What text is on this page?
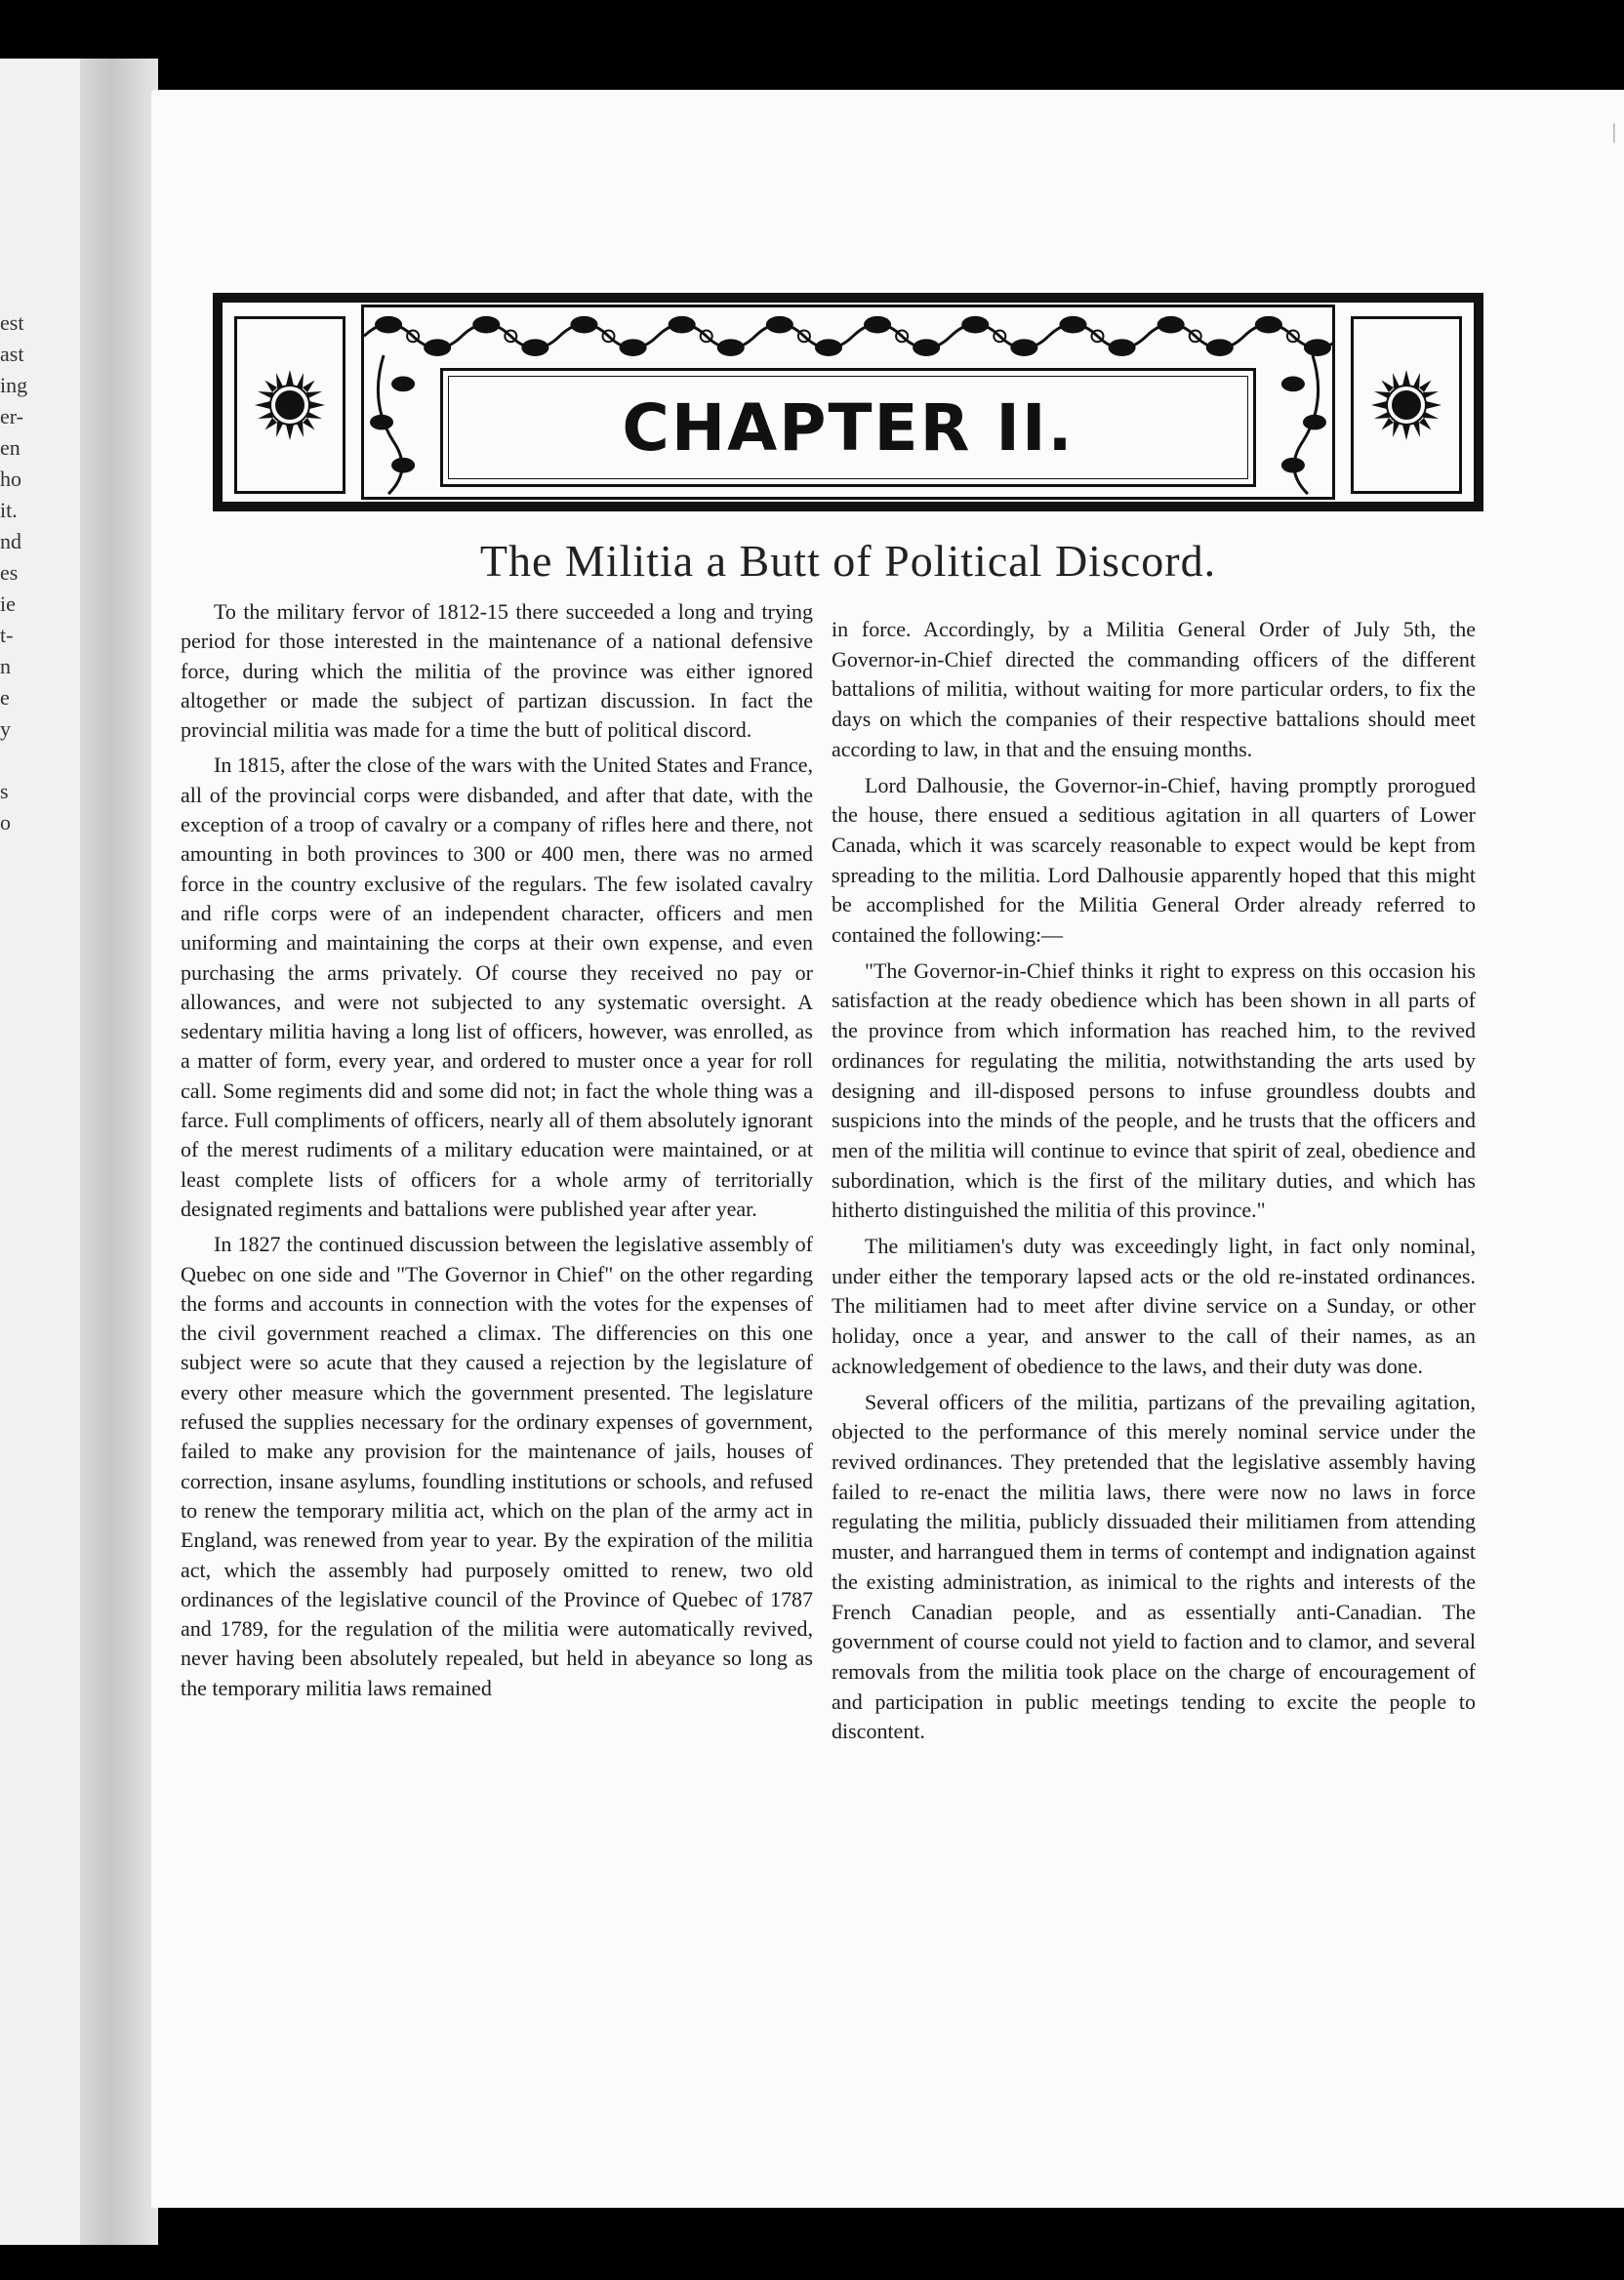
est
ast
ing
er-
en
ho
it.
nd
es
ie
t-
n
e
y
s
o
|
CHAPTER II.
The Militia a Butt of Political Discord.

To the military fervor of 1812-15 there succeeded a long and trying period for those interested in the maintenance of a national defensive force, during which the militia of the province was either ignored altogether or made the subject of partizan discussion. In fact the provincial militia was made for a time the butt of political discord.

In 1815, after the close of the wars with the United States and France, all of the provincial corps were disbanded, and after that date, with the exception of a troop of cavalry or a company of rifles here and there, not amounting in both provinces to 300 or 400 men, there was no armed force in the country exclusive of the regulars. The few isolated cavalry and rifle corps were of an independent character, officers and men uniforming and maintaining the corps at their own expense, and even purchasing the arms privately. Of course they received no pay or allowances, and were not subjected to any systematic oversight. A sedentary militia having a long list of officers, however, was enrolled, as a matter of form, every year, and ordered to muster once a year for roll call. Some regiments did and some did not; in fact the whole thing was a farce. Full compliments of officers, nearly all of them absolutely ignorant of the merest rudiments of a military education were maintained, or at least complete lists of officers for a whole army of territorially designated regiments and battalions were published year after year.

In 1827 the continued discussion between the legislative assembly of Quebec on one side and "The Governor in Chief" on the other regarding the forms and accounts in connection with the votes for the expenses of the civil government reached a climax. The differencies on this one subject were so acute that they caused a rejection by the legislature of every other measure which the government presented. The legislature refused the supplies necessary for the ordinary expenses of government, failed to make any provision for the maintenance of jails, houses of correction, insane asylums, foundling institutions or schools, and refused to renew the temporary militia act, which on the plan of the army act in England, was renewed from year to year. By the expiration of the militia act, which the assembly had purposely omitted to renew, two old ordinances of the legislative council of the Province of Quebec of 1787 and 1789, for the regulation of the militia were automatically revived, never having been absolutely repealed, but held in abeyance so long as the temporary militia laws remained

in force. Accordingly, by a Militia General Order of July 5th, the Governor-in-Chief directed the commanding officers of the different battalions of militia, without waiting for more particular orders, to fix the days on which the companies of their respective battalions should meet according to law, in that and the ensuing months.

Lord Dalhousie, the Governor-in-Chief, having promptly prorogued the house, there ensued a seditious agitation in all quarters of Lower Canada, which it was scarcely reasonable to expect would be kept from spreading to the militia. Lord Dalhousie apparently hoped that this might be accomplished for the Militia General Order already referred to contained the following:—

"The Governor-in-Chief thinks it right to express on this occasion his satisfaction at the ready obedience which has been shown in all parts of the province from which information has reached him, to the revived ordinances for regulating the militia, notwithstanding the arts used by designing and ill-disposed persons to infuse groundless doubts and suspicions into the minds of the people, and he trusts that the officers and men of the militia will continue to evince that spirit of zeal, obedience and subordination, which is the first of the military duties, and which has hitherto distinguished the militia of this province."

The militiamen's duty was exceedingly light, in fact only nominal, under either the temporary lapsed acts or the old re-instated ordinances. The militiamen had to meet after divine service on a Sunday, or other holiday, once a year, and answer to the call of their names, as an acknowledgement of obedience to the laws, and their duty was done.

Several officers of the militia, partizans of the prevailing agitation, objected to the performance of this merely nominal service under the revived ordinances. They pretended that the legislative assembly having failed to re-enact the militia laws, there were now no laws in force regulating the militia, publicly dissuaded their militiamen from attending muster, and harrangued them in terms of contempt and indignation against the existing administration, as inimical to the rights and interests of the French Canadian people, and as essentially anti-Canadian. The government of course could not yield to faction and to clamor, and several removals from the militia took place on the charge of encouragement of and participation in public meetings tending to excite the people to discontent.
